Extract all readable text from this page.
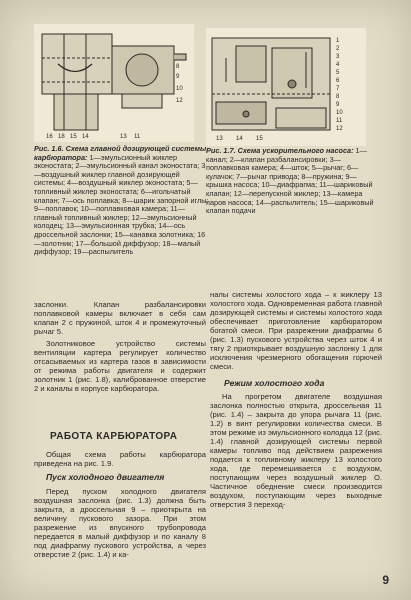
16 18 15 14	13 11
12
10
9
8
Рис. 1.6. Схема главной дозирующей системы карбюратора: 1—эмульсионный жиклер эконостата; 2—эмульсионный канал эконостата; 3—воздушный жиклер главной дозирующей системы; 4—воздушный жиклер эконостата; 5—топливный жиклер эконостата; 6—игольчатый клапан; 7—ось поплавка; 8—шарик запорной иглы; 9—поплавок; 10—поплавковая камера; 11—главный топливный жиклер; 12—эмульсионный колодец; 13—эмульсионная трубка; 14—ось дроссельной заслонки; 15—канавка золотника; 16—золотник; 17—большой диффузор; 18—малый диффузор; 19—распылитель
1
2
3
4
5
6
7
8
9
10
11
12
13 14 15
Рис. 1.7. Схема ускорительного насоса: 1—канал; 2—клапан разбалансировки; 3—поплавковая камера; 4—шток; 5—рычаг; 6—кулачок; 7—рычаг привода; 8—пружина; 9—крышка насоса; 10—диафрагма; 11—шариковый клапан; 12—перепускной жиклер; 13—камера паров насоса; 14—распылитель; 15—шариковый клапан подачи

заслонки. Клапан разбалансировки поплавковой камеры включает в себя сам клапан 2 с пружиной, шток 4 и промежуточный рычаг 5.

Золотниковое устройство системы вентиляции картера регулирует количество отсасываемых из картера газов в зависимости от режима работы двигателя и содержит золотник 1 (рис. 1.8), калиброванное отверстие 2 и каналы в корпусе карбюратора.

РАБОТА КАРБЮРАТОРА

Общая схема работы карбюратора приведена на рис. 1.9.

Пуск холодного двигателя

Перед пуском холодного двигателя воздушная заслонка (рис. 1.3) должна быть закрыта, а дроссельная 9 – приоткрыта на величину пускового зазора. При этом разрежение из впускного трубопровода передается в малый диффузор и по каналу 8 под диафрагму пускового устройства, а через отверстие 2 (рис. 1.4) и ка-

налы системы холостого хода – к жиклеру 13 холостого хода. Одновременная работа главной дозирующей системы и системы холостого хода обеспечивает приготовление карбюратором богатой смеси. При разрежении диафрагмы 6 (рис. 1.3) пускового устройства через шток 4 и тягу 2 приоткрывает воздушную заслонку 1 для исключения чрезмерного обогащения горючей смеси.

Режим холостого хода

На прогретом двигателе воздушная заслонка полностью открыта, дроссельная 11 (рис. 1.4) – закрыта до упора рычага 11 (рис. 1.2) в винт регулировки количества смеси. В этом режиме из эмульсионного колодца 12 (рис. 1.4) главной дозирующей системы первой камеры топливо под действием разрежения подается к топливному жиклеру 13 холостого хода, где перемешивается с воздухом, поступающим через воздушный жиклер О. Частичное обеднение смеси производится воздухом, поступающим через выходные отверстия 3 переход-

9
